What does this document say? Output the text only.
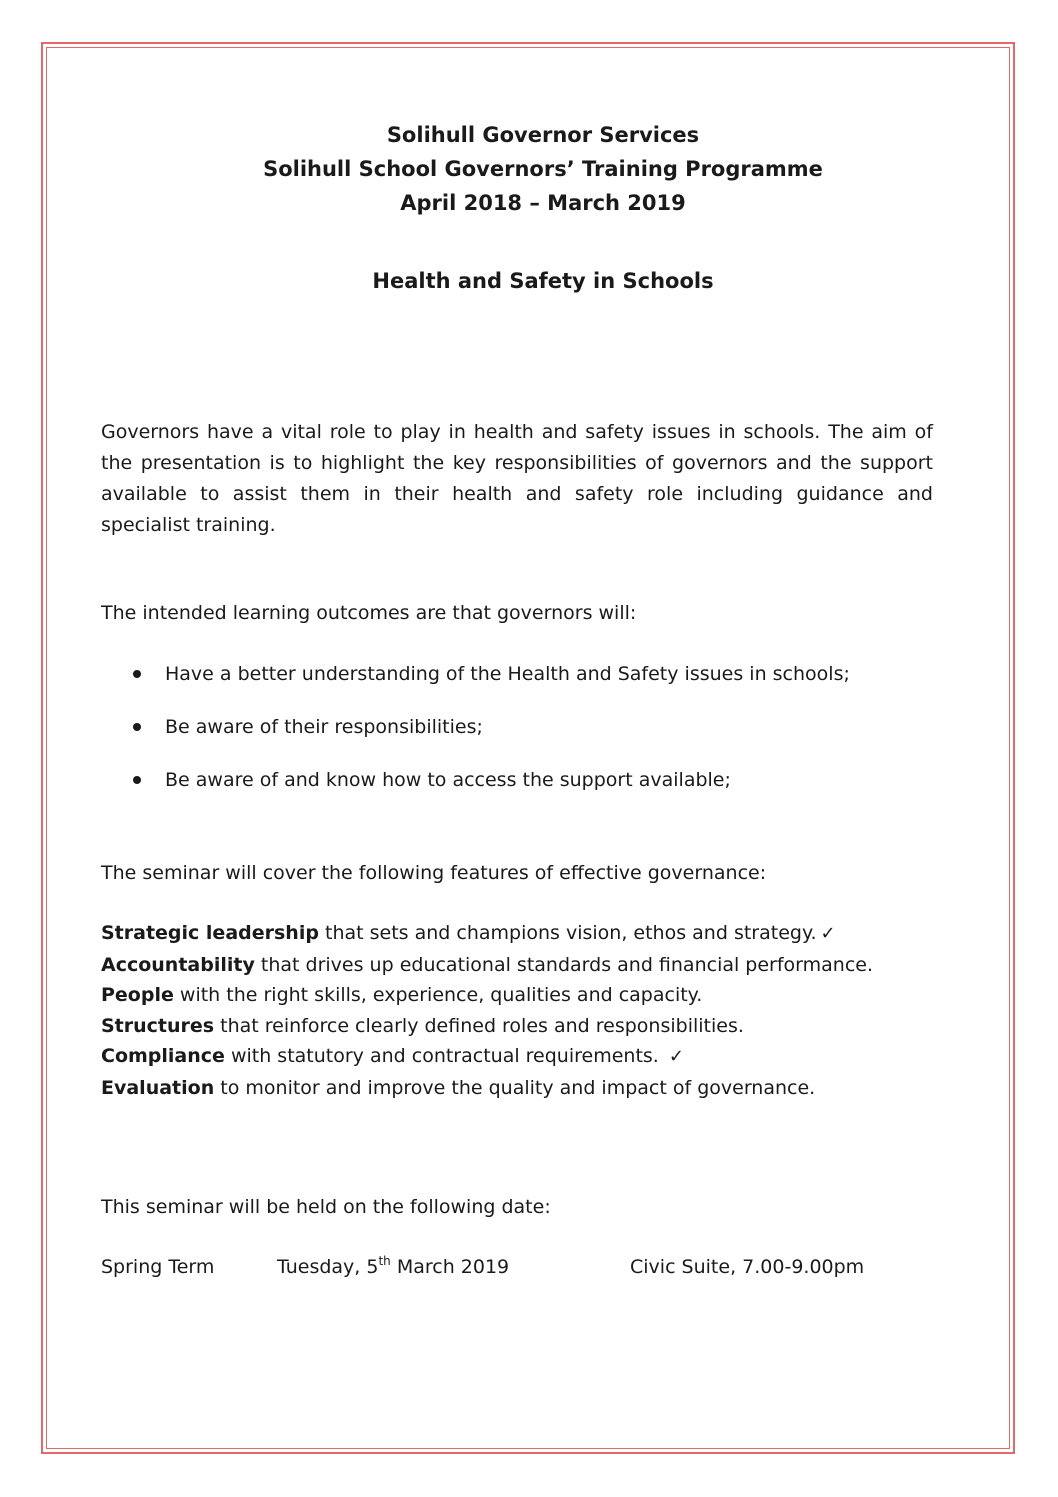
Solihull Governor Services
Solihull School Governors’ Training Programme
April 2018 – March 2019
Health and Safety in Schools

Governors have a vital role to play in health and safety issues in schools. The aim of the presentation is to highlight the key responsibilities of governors and the support available to assist them in their health and safety role including guidance and specialist training.

The intended learning outcomes are that governors will:

Have a better understanding of the Health and Safety issues in schools;
Be aware of their responsibilities;
Be aware of and know how to access the support available;

The seminar will cover the following features of effective governance:

Strategic leadership that sets and champions vision, ethos and strategy. ✓
Accountability that drives up educational standards and financial performance.
People with the right skills, experience, qualities and capacity.
Structures that reinforce clearly defined roles and responsibilities.
Compliance with statutory and contractual requirements. ✓
Evaluation to monitor and improve the quality and impact of governance.

This seminar will be held on the following date:

Spring Term	Tuesday, 5th March 2019	Civic Suite, 7.00-9.00pm
